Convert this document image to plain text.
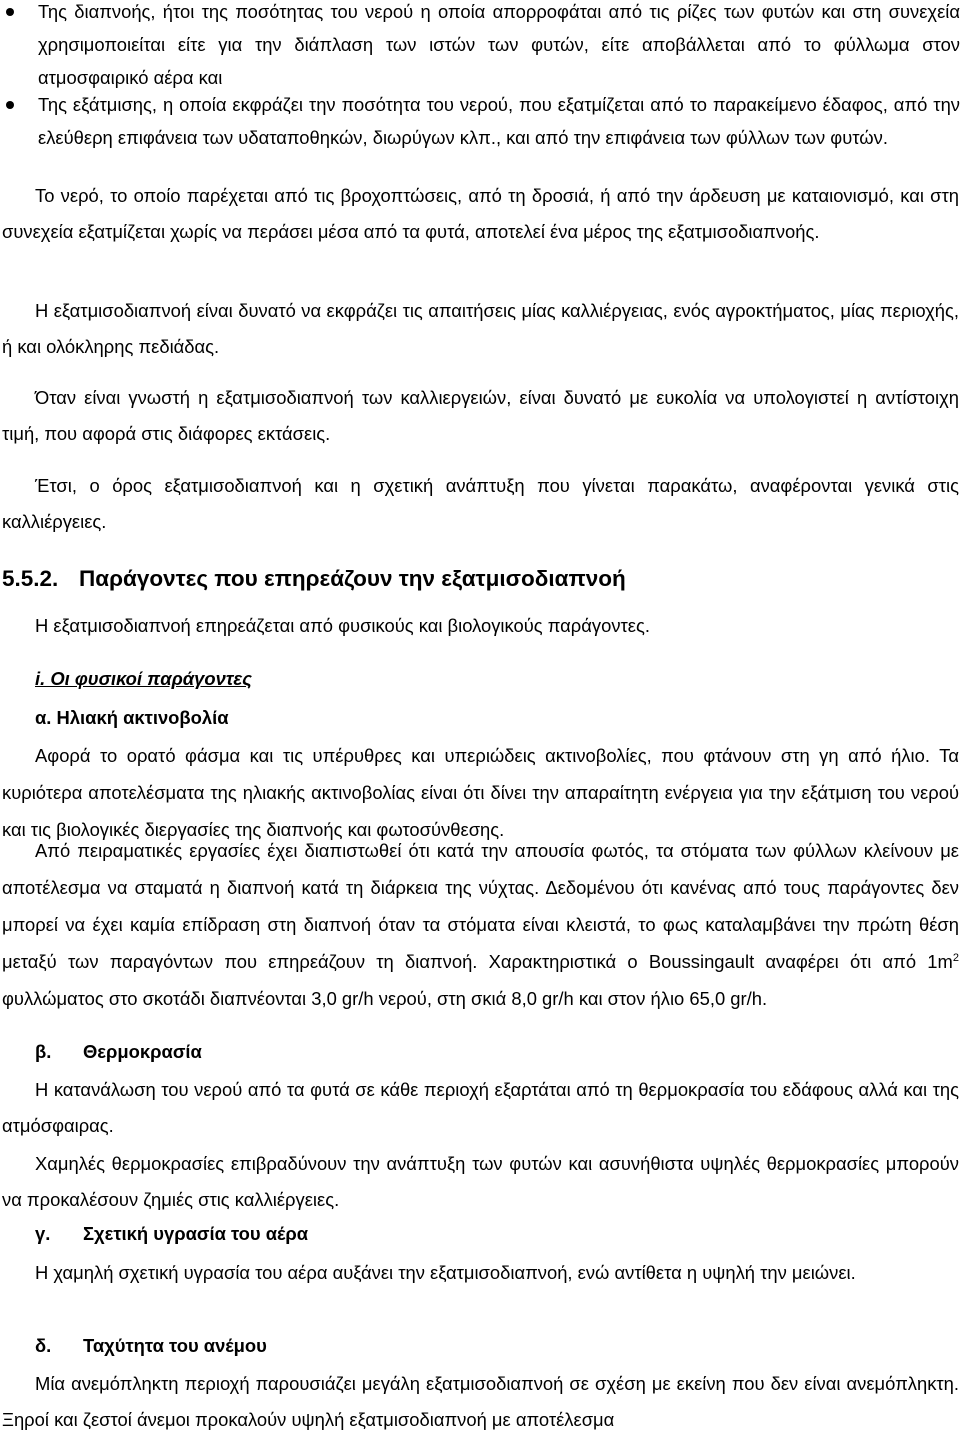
Της διαπνοής, ήτοι της ποσότητας του νερού η οποία απορροφάται από τις ρίζες των φυτών και στη συνεχεία χρησιμοποιείται είτε για την διάπλαση των ιστών των φυτών, είτε αποβάλλεται από το φύλλωμα στον ατμοσφαιρικό αέρα και
Της εξάτμισης, η οποία εκφράζει την ποσότητα του νερού, που εξατμίζεται από το παρακείμενο έδαφος, από την ελεύθερη επιφάνεια των υδαταποθηκών, διωρύγων κλπ., και από την επιφάνεια των φύλλων των φυτών.
Το νερό, το οποίο παρέχεται από τις βροχοπτώσεις, από τη δροσιά, ή από την άρδευση με καταιονισμό, και στη συνεχεία εξατμίζεται χωρίς να περάσει μέσα από τα φυτά, αποτελεί ένα μέρος της εξατμισοδιαπνοής.
Η εξατμισοδιαπνοή είναι δυνατό να εκφράζει τις απαιτήσεις μίας καλλιέργειας, ενός αγροκτήματος, μίας περιοχής, ή και ολόκληρης πεδιάδας.
Όταν είναι γνωστή η εξατμισοδιαπνοή των καλλιεργειών, είναι δυνατό με ευκολία να υπολογιστεί η αντίστοιχη τιμή, που αφορά στις διάφορες εκτάσεις.
Έτσι, ο όρος εξατμισοδιαπνοή και η σχετική ανάπτυξη που γίνεται παρακάτω, αναφέρονται γενικά στις καλλιέργειες.
5.5.2. Παράγοντες που επηρεάζουν την εξατμισοδιαπνοή
Η εξατμισοδιαπνοή επηρεάζεται από φυσικούς και βιολογικούς παράγοντες.
i. Οι φυσικοί παράγοντες
α. Ηλιακή ακτινοβολία
Αφορά το ορατό φάσμα και τις υπέρυθρες και υπεριώδεις ακτινοβολίες, που φτάνουν στη γη από ήλιο. Τα κυριότερα αποτελέσματα της ηλιακής ακτινοβολίας είναι ότι δίνει την απαραίτητη ενέργεια για την εξάτμιση του νερού και τις βιολογικές διεργασίες της διαπνοής και φωτοσύνθεσης.
Από πειραματικές εργασίες έχει διαπιστωθεί ότι κατά την απουσία φωτός, τα στόματα των φύλλων κλείνουν με αποτέλεσμα να σταματά η διαπνοή κατά τη διάρκεια της νύχτας. Δεδομένου ότι κανένας από τους παράγοντες δεν μπορεί να έχει καμία επίδραση στη διαπνοή όταν τα στόματα είναι κλειστά, το φως καταλαμβάνει την πρώτη θέση μεταξύ των παραγόντων που επηρεάζουν τη διαπνοή. Χαρακτηριστικά ο Boussingault αναφέρει ότι από $1m^2$ φυλλώματος στο σκοτάδι διαπνέονται 3,0 gr/h νερού, στη σκιά 8,0 gr/h και στον ήλιο 65,0 gr/h.
β. Θερμοκρασία
Η κατανάλωση του νερού από τα φυτά σε κάθε περιοχή εξαρτάται από τη θερμοκρασία του εδάφους αλλά και της ατμόσφαιρας.
Χαμηλές θερμοκρασίες επιβραδύνουν την ανάπτυξη των φυτών και ασυνήθιστα υψηλές θερμοκρασίες μπορούν να προκαλέσουν ζημιές στις καλλιέργειες.
γ. Σχετική υγρασία του αέρα
Η χαμηλή σχετική υγρασία του αέρα αυξάνει την εξατμισοδιαπνοή, ενώ αντίθετα η υψηλή την μειώνει.
δ. Ταχύτητα του ανέμου
Μία ανεμόπληκτη περιοχή παρουσιάζει μεγάλη εξατμισοδιαπνοή σε σχέση με εκείνη που δεν είναι ανεμόπληκτη. Ξηροί και ζεστοί άνεμοι προκαλούν υψηλή εξατμισοδιαπνοή με αποτέλεσμα
